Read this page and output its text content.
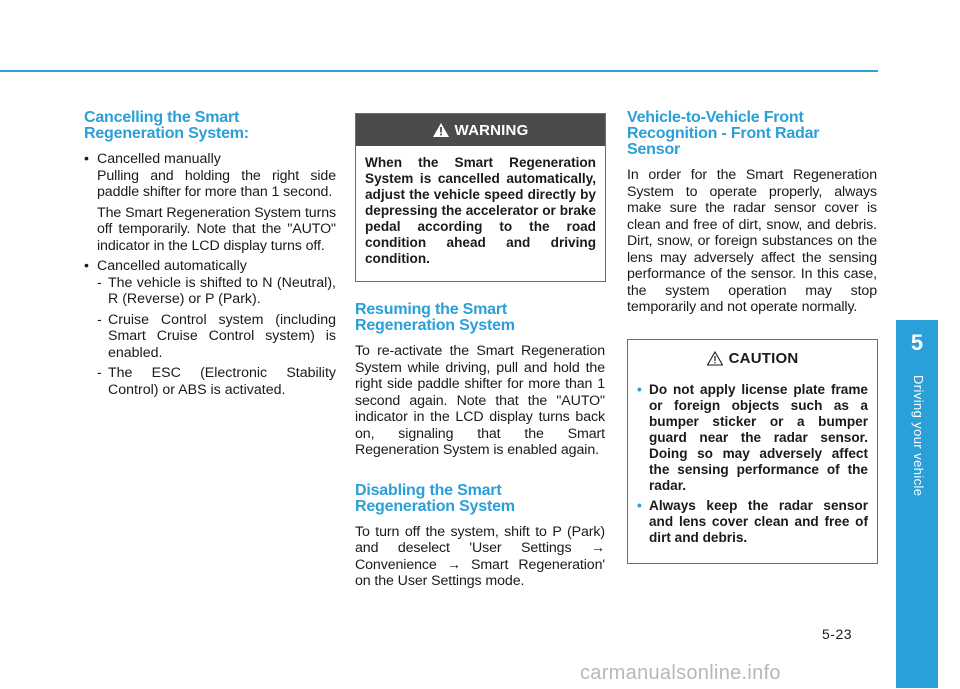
Cancelling the Smart
Regeneration System:
• Cancelled manually

Pulling and holding the right side paddle shifter for more than 1 second.

The Smart Regeneration System turns off temporarily. Note that the "AUTO" indicator in the LCD display turns off.

• Cancelled automatically
- The vehicle is shifted to N (Neutral), R (Reverse) or P (Park).
- Cruise Control system (including Smart Cruise Control system) is enabled.
- The ESC (Electronic Stability Control) or ABS is activated.
WARNING
When the Smart Regeneration System is cancelled automatically, adjust the vehicle speed directly by depressing the accelerator or brake pedal according to the road condition ahead and driving condition.
Resuming the Smart
Regeneration System

To re-activate the Smart Regeneration System while driving, pull and hold the right side paddle shifter for more than 1 second again. Note that the "AUTO" indicator in the LCD display turns back on, signaling that the Smart Regeneration System is enabled again.

Disabling the Smart
Regeneration System

To turn off the system, shift to P (Park) and deselect 'User Settings → Convenience → Smart Regeneration' on the User Settings mode.

Vehicle-to-Vehicle Front
Recognition - Front Radar
Sensor

In order for the Smart Regeneration System to operate properly, always make sure the radar sensor cover is clean and free of dirt, snow, and debris. Dirt, snow, or foreign substances on the lens may adversely affect the sensing performance of the sensor. In this case, the system operation may stop temporarily and not operate normally.

CAUTION
• Do not apply license plate frame or foreign objects such as a bumper sticker or a bumper guard near the radar sensor. Doing so may adversely affect the sensing performance of the radar.
• Always keep the radar sensor and lens cover clean and free of dirt and debris.
5
Driving your vehicle
5-23
carmanualsonline.info
